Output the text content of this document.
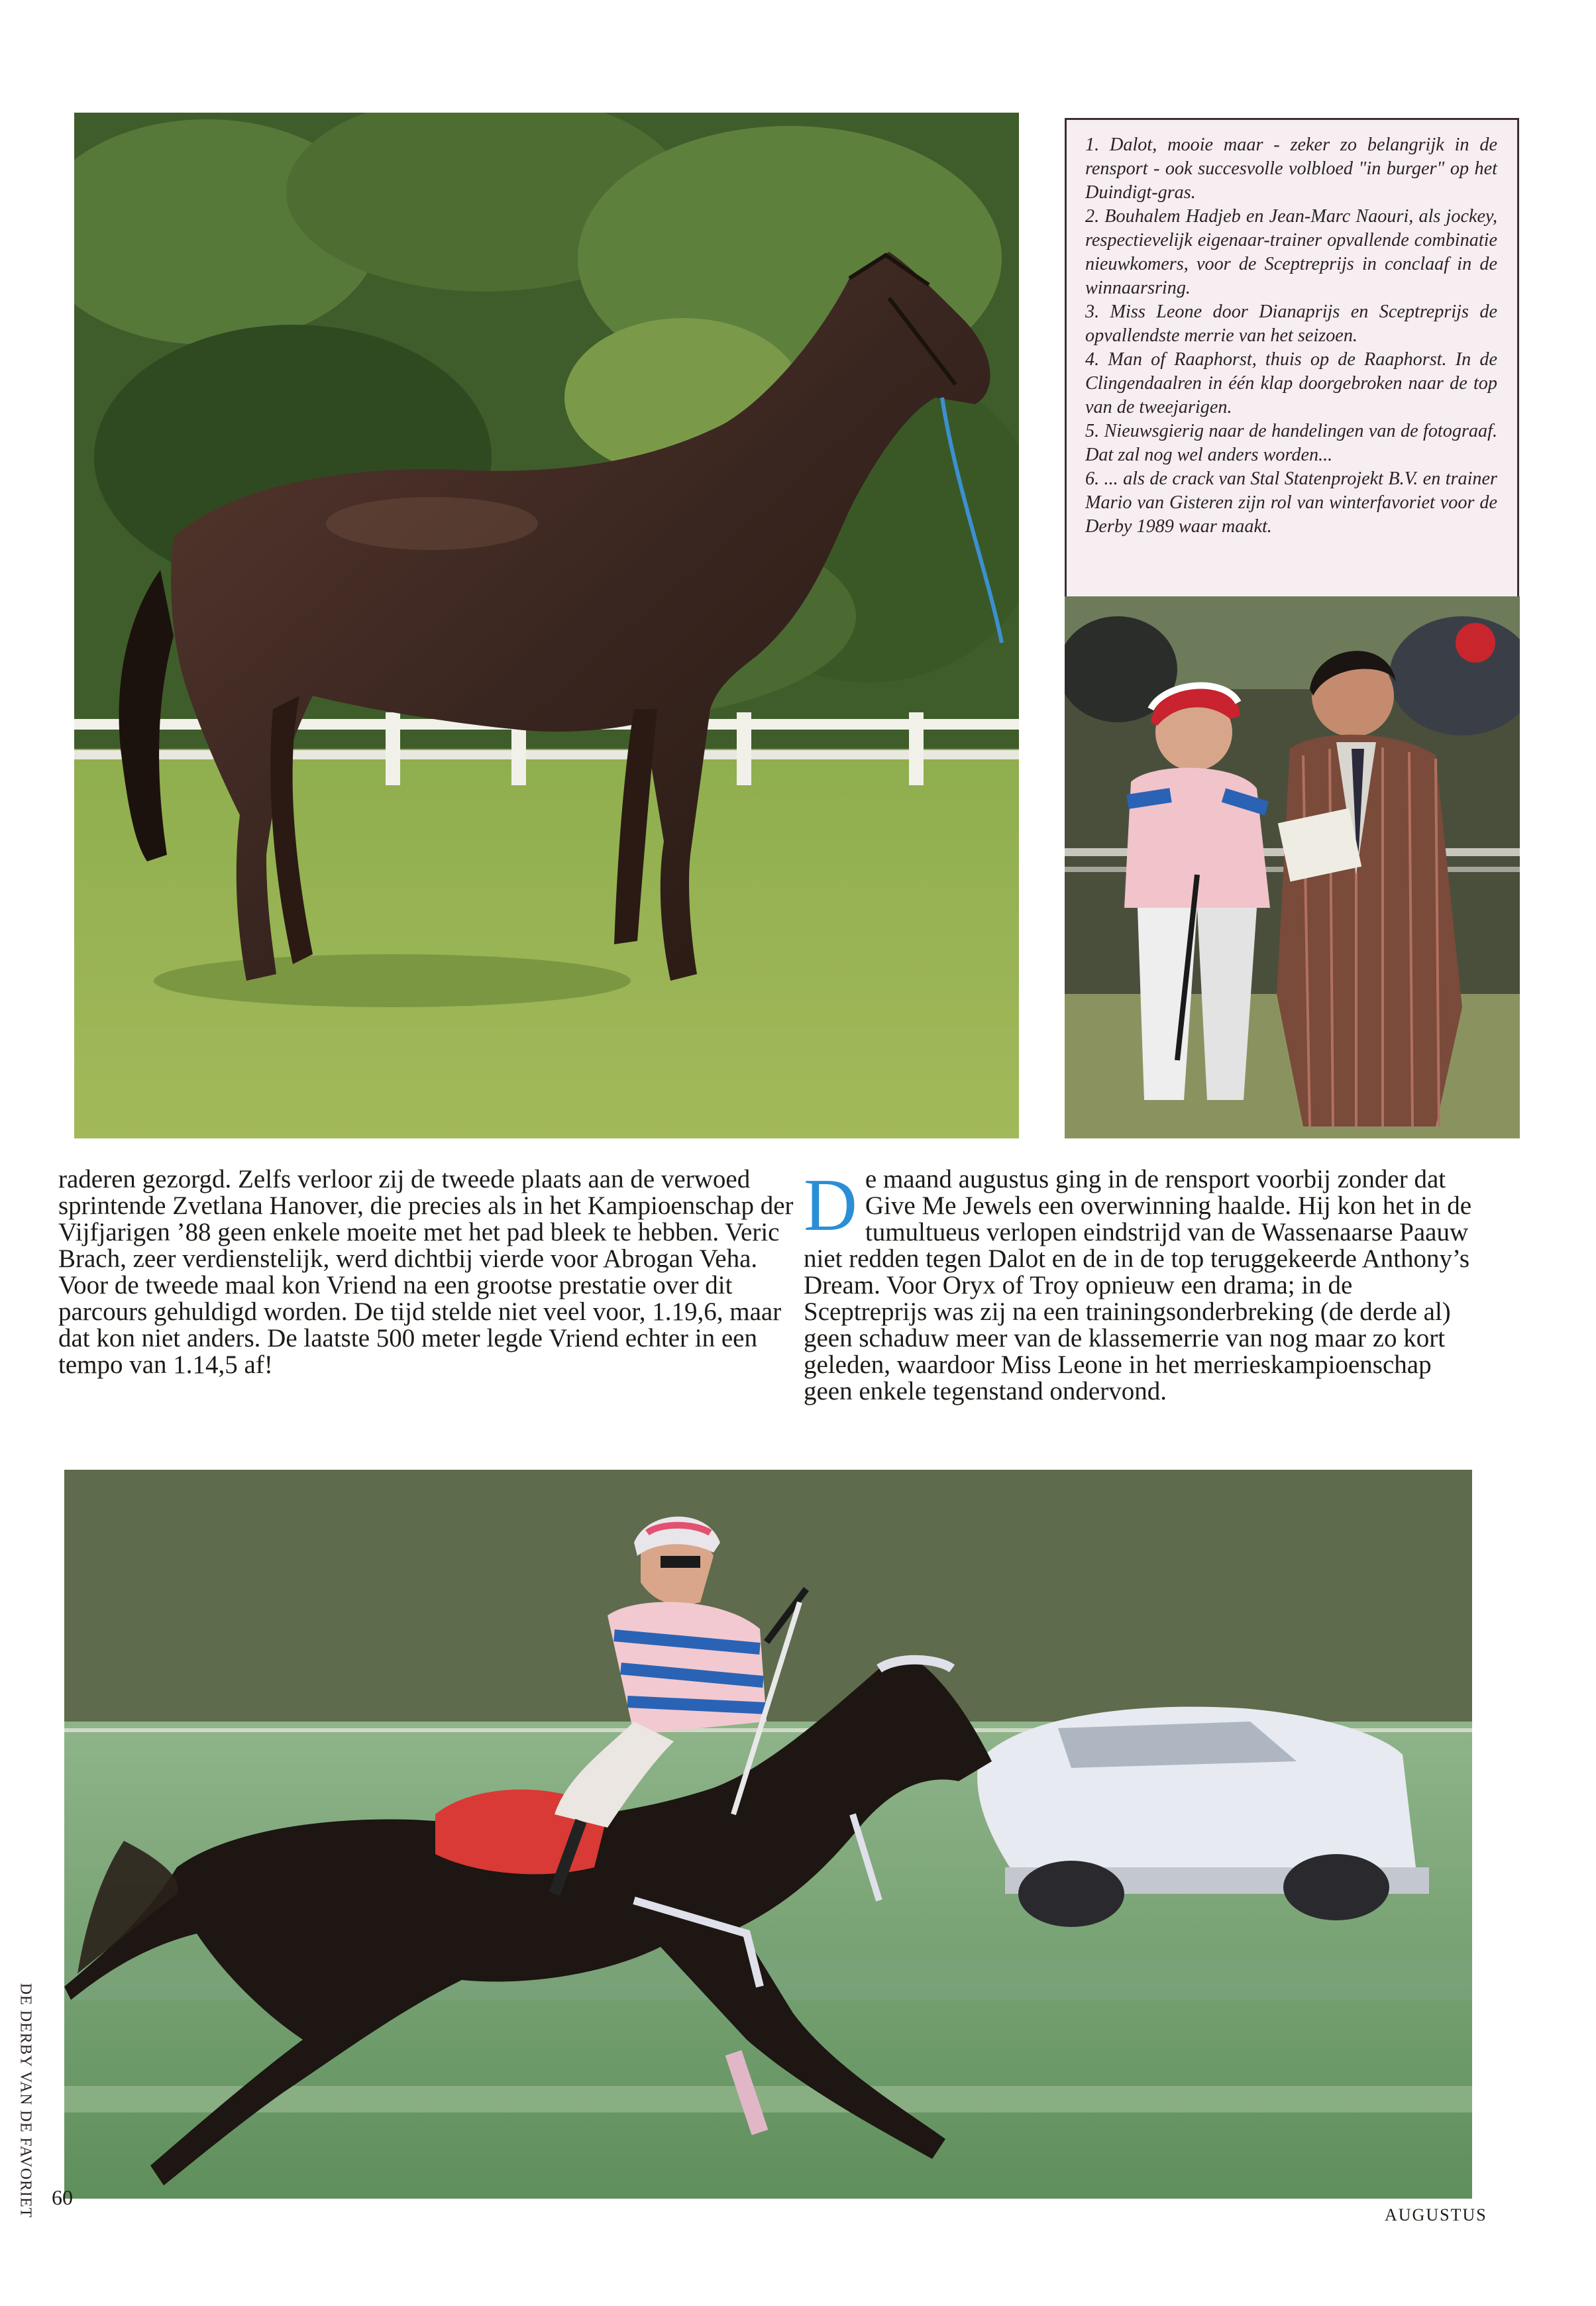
1. Dalot, mooie maar - zeker zo belangrijk in de rensport - ook succesvolle volbloed "in burger" op het Duindigt-gras.

2. Bouhalem Hadjeb en Jean-Marc Naouri, als jockey, respectievelijk eigenaar-trainer opvallende combinatie nieuwkomers, voor de Sceptreprijs in conclaaf in de winnaarsring.

3. Miss Leone door Dianaprijs en Sceptreprijs de opvallendste merrie van het seizoen.

4. Man of Raaphorst, thuis op de Raaphorst. In de Clingendaalren in één klap doorgebroken naar de top van de tweejarigen.

5. Nieuwsgierig naar de handelingen van de fotograaf. Dat zal nog wel anders worden...

6. ... als de crack van Stal Statenprojekt B.V. en trainer Mario van Gisteren zijn rol van winterfavoriet voor de Derby 1989 waar maakt.

raderen gezorgd. Zelfs verloor zij de tweede plaats aan de verwoed sprintende Zvetlana Hanover, die precies als in het Kampioenschap der Vijfjarigen ’88 geen enkele moeite met het pad bleek te hebben. Veric Brach, zeer verdienstelijk, werd dichtbij vierde voor Abrogan Veha.

Voor de tweede maal kon Vriend na een grootse prestatie over dit parcours gehuldigd worden. De tijd stelde niet veel voor, 1.19,6, maar dat kon niet anders. De laatste 500 meter legde Vriend echter in een tempo van 1.14,5 af!

De maand augustus ging in de rensport voorbij zonder dat Give Me Jewels een overwinning haalde. Hij kon het in de tumultueus verlopen eindstrijd van de Wassenaarse Paauw niet redden tegen Dalot en de in de top teruggekeerde Anthony’s Dream. Voor Oryx of Troy opnieuw een drama; in de Sceptreprijs was zij na een trainingsonderbreking (de derde al) geen schaduw meer van de klassemerrie van nog maar zo kort geleden, waardoor Miss Leone in het merrieskampioenschap geen enkele tegenstand ondervond.

DE DERBY VAN DE FAVORIET 60
AUGUSTUS
